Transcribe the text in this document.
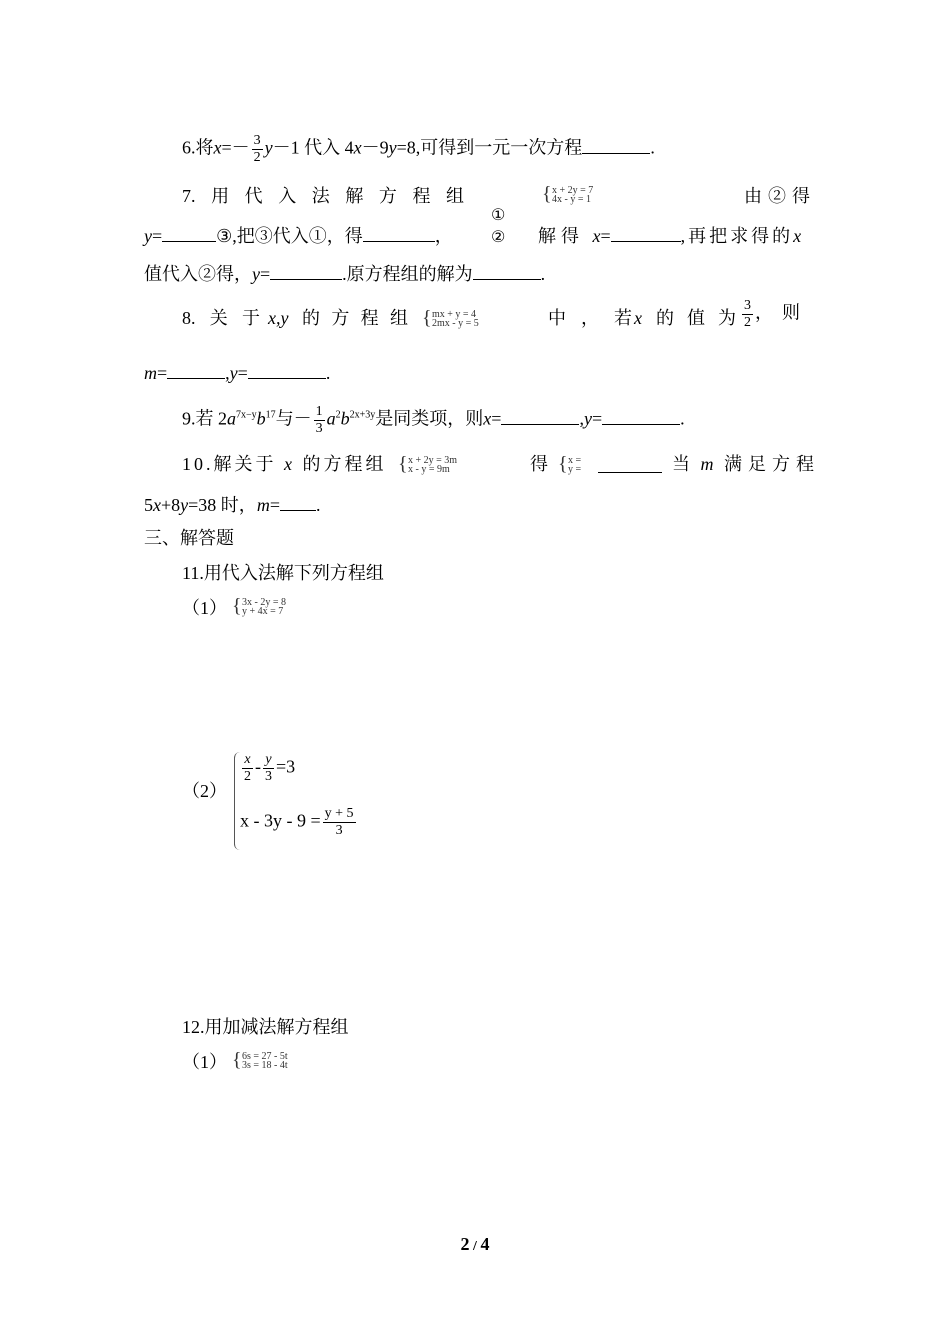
6.将$x=- \frac{3}{2} y-1$ 代入 4x－9y=8,可得到一元一次方程	.
7. 用 代 入 法 解 方 程 组	{ x + 2y = 7
4x - y = 1
①
②
由②得
y=	③,把③代入①，得	，	解得 x=	,再把求得的x
值代入②得，y=	.原方程组的解为	.
8. 关 于 x,y 的 方 程 组 { mx + y = 4
2mx - y = 5	中 ， 若 x 的 值 为 $\frac{3}{2}$ ，　则
m=	,y=	.
9.若 $2a^{7x-y}b^{17}$与－ $\frac{1}{3} a^2b^{2x+3y}$是同类项，则x=	,y=	.
10.解关于 x 的方程组 { x + 2y = 3m
x - y = 9m	得 { x =
y =	当 m 满足方程
5x+8y=38 时，m= .
三、解答题
11.用代入法解下列方程组
（1） { 3x - 2y = 8
y + 4x = 7
（2）
$\frac{x}{2} - \frac{y}{3} =3$
$x - 3y - 9 = \frac{y + 5}{3}$
12.用加减法解方程组
（1） { 6s = 27 - 5t
3s = 18 - 4t
2 / 4
